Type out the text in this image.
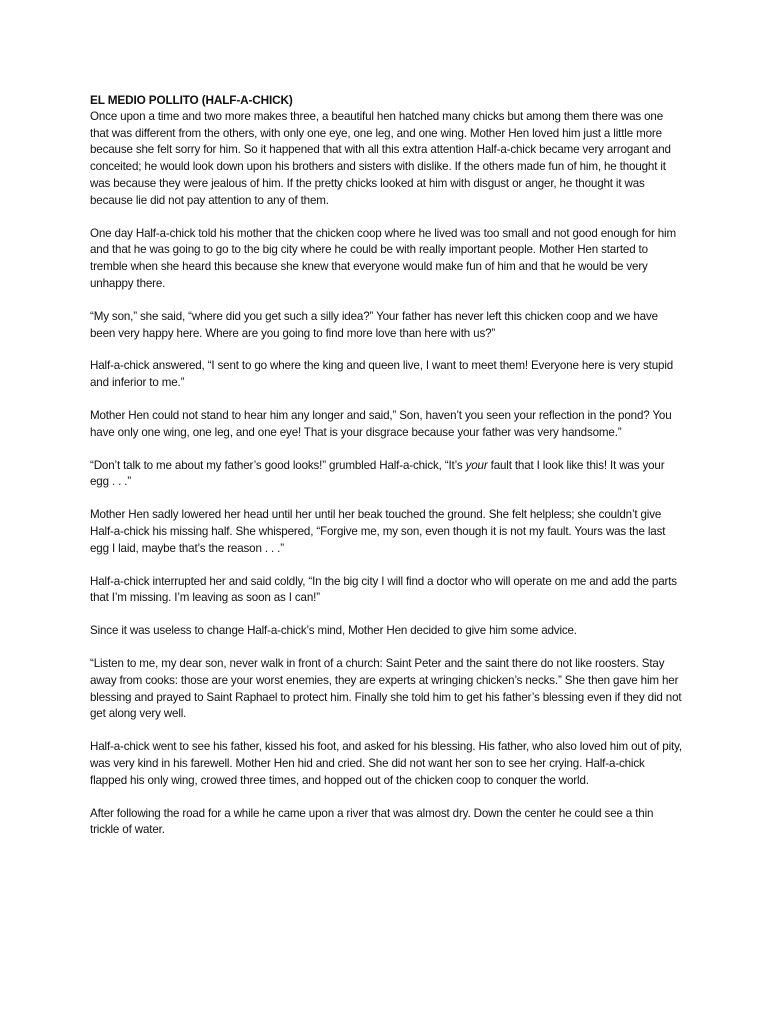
EL MEDIO POLLITO (HALF-A-CHICK)

Once upon a time and two more makes three, a beautiful hen hatched many chicks but among them there was one that was different from the others, with only one eye, one leg, and one wing. Mother Hen loved him just a little more because she felt sorry for him. So it happened that with all this extra attention Half-a-chick became very arrogant and conceited; he would look down upon his brothers and sisters with dislike. If the others made fun of him, he thought it was because they were jealous of him. If the pretty chicks looked at him with disgust or anger, he thought it was because lie did not pay attention to any of them.

One day Half-a-chick told his mother that the chicken coop where he lived was too small and not good enough for him and that he was going to go to the big city where he could be with really important people. Mother Hen started to tremble when she heard this because she knew that everyone would make fun of him and that he would be very unhappy there.

“My son,” she said, “where did you get such a silly idea?” Your father has never left this chicken coop and we have been very happy here. Where are you going to find more love than here with us?”

Half-a-chick answered, “I sent to go where the king and queen live, I want to meet them! Everyone here is very stupid and inferior to me.”

Mother Hen could not stand to hear him any longer and said,” Son, haven’t you seen your reflection in the pond? You have only one wing, one leg, and one eye! That is your disgrace because your father was very handsome.”

“Don’t talk to me about my father’s good looks!” grumbled Half-a-chick, “It’s your fault that I look like this! It was your egg . . .”

Mother Hen sadly lowered her head until her until her beak touched the ground. She felt helpless; she couldn’t give Half-a-chick his missing half. She whispered, “Forgive me, my son, even though it is not my fault. Yours was the last egg I laid, maybe that’s the reason . . .”

Half-a-chick interrupted her and said coldly, “In the big city I will find a doctor who will operate on me and add the parts that I’m missing. I’m leaving as soon as I can!”

Since it was useless to change Half-a-chick’s mind, Mother Hen decided to give him some advice.

“Listen to me, my dear son, never walk in front of a church: Saint Peter and the saint there do not like roosters. Stay away from cooks: those are your worst enemies, they are experts at wringing chicken’s necks.” She then gave him her blessing and prayed to Saint Raphael to protect him. Finally she told him to get his father’s blessing even if they did not get along very well.

Half-a-chick went to see his father, kissed his foot, and asked for his blessing. His father, who also loved him out of pity, was very kind in his farewell. Mother Hen hid and cried. She did not want her son to see her crying. Half-a-chick flapped his only wing, crowed three times, and hopped out of the chicken coop to conquer the world.

After following the road for a while he came upon a river that was almost dry. Down the center he could see a thin trickle of water.
